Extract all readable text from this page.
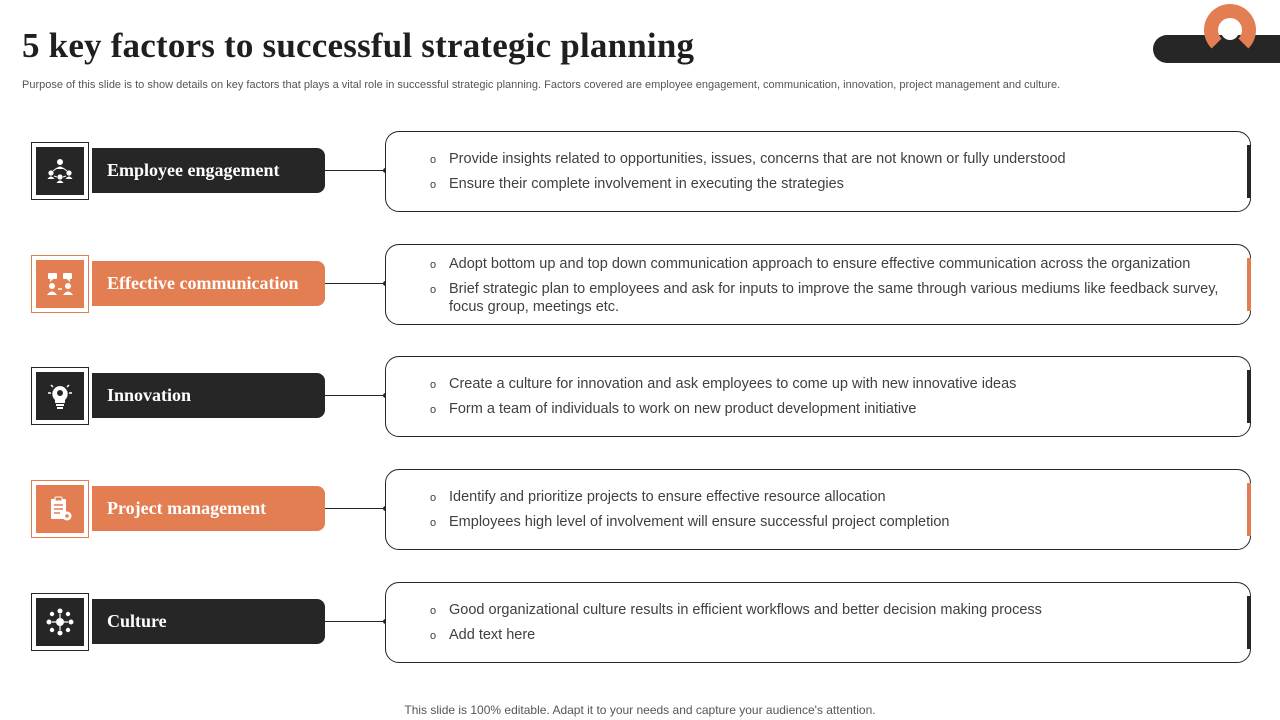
5 key factors to successful strategic planning
Purpose of this slide is to show details on key factors that plays a vital role in successful strategic planning. Factors covered are employee engagement, communication, innovation, project management and culture.
Employee engagement
o Provide insights related to opportunities, issues, concerns that are not known or fully understood
o Ensure their complete involvement in executing the strategies
Effective communication
o Adopt bottom up and top down communication approach to ensure effective communication across the organization
o Brief strategic plan to employees and ask for inputs to improve the same through various mediums like feedback survey, focus group, meetings etc.
Innovation
o Create a culture for innovation and ask employees to come up with new innovative ideas
o Form a team of individuals to work on new product development initiative
Project management
o Identify and prioritize projects to ensure effective resource allocation
o Employees high level of involvement will ensure successful project completion
Culture
o Good organizational culture results in efficient workflows and better decision making process
o Add text here
This slide is 100% editable. Adapt it to your needs and capture your audience's attention.
